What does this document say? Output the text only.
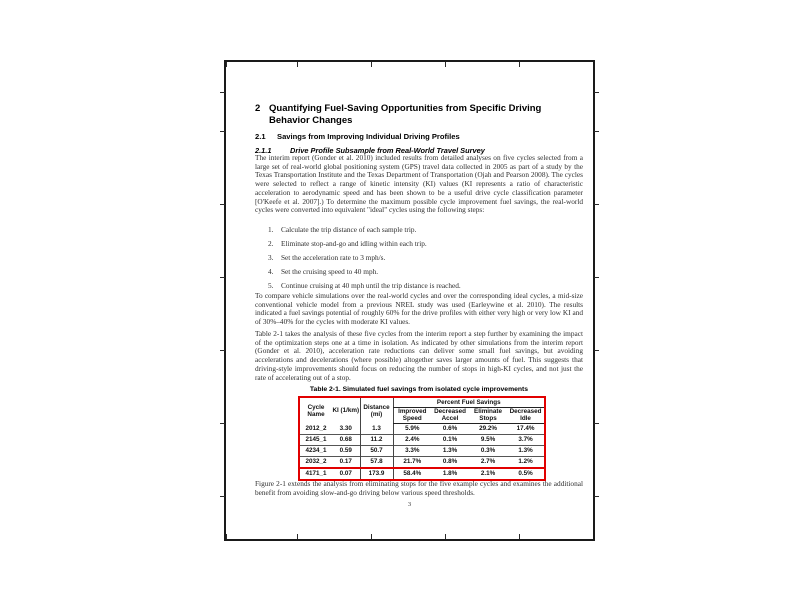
2 Quantifying Fuel-Saving Opportunities from Specific Driving Behavior Changes
2.1	Savings from Improving Individual Driving Profiles
2.1.1	Drive Profile Subsample from Real-World Travel Survey
The interim report (Gonder et al. 2010) included results from detailed analyses on five cycles selected from a large set of real-world global positioning system (GPS) travel data collected in 2005 as part of a study by the Texas Transportation Institute and the Texas Department of Transportation (Ojah and Pearson 2008). The cycles were selected to reflect a range of kinetic intensity (KI) values (KI represents a ratio of characteristic acceleration to aerodynamic speed and has been shown to be a useful drive cycle classification parameter [O'Keefe et al. 2007].) To determine the maximum possible cycle improvement fuel savings, the real-world cycles were converted into equivalent "ideal" cycles using the following steps:
1.	Calculate the trip distance of each sample trip.
2.	Eliminate stop-and-go and idling within each trip.
3.	Set the acceleration rate to 3 mph/s.
4.	Set the cruising speed to 40 mph.
5.	Continue cruising at 40 mph until the trip distance is reached.
To compare vehicle simulations over the real-world cycles and over the corresponding ideal cycles, a mid-size conventional vehicle model from a previous NREL study was used (Earleywine et al. 2010). The results indicated a fuel savings potential of roughly 60% for the drive profiles with either very high or very low KI and of 30%–40% for the cycles with moderate KI values.
Table 2-1 takes the analysis of these five cycles from the interim report a step further by examining the impact of the optimization steps one at a time in isolation. As indicated by other simulations from the interim report (Gonder et al. 2010), acceleration rate reductions can deliver some small fuel savings, but avoiding accelerations and decelerations (where possible) altogether saves larger amounts of fuel. This suggests that driving-style improvements should focus on reducing the number of stops in high-KI cycles, and not just the rate of accelerating out of a stop.
Table 2-1. Simulated fuel savings from isolated cycle improvements
Cycle Name	KI (1/km)	Distance (mi)	Percent Fuel Savings			
			Improved Speed	Decreased Accel	Eliminate Stops	Decreased Idle
2012_2	3.30	1.3	5.9%	0.6%	29.2%	17.4%
2145_1	0.68	11.2	2.4%	0.1%	9.5%	3.7%
4234_1	0.59	50.7	3.3%	1.3%	0.3%	1.3%
2032_2	0.17	57.8	21.7%	0.8%	2.7%	1.2%
4171_1	0.07	173.9	58.4%	1.8%	2.1%	0.5%
Figure 2-1 extends the analysis from eliminating stops for the five example cycles and examines the additional benefit from avoiding slow-and-go driving below various speed thresholds.
3
